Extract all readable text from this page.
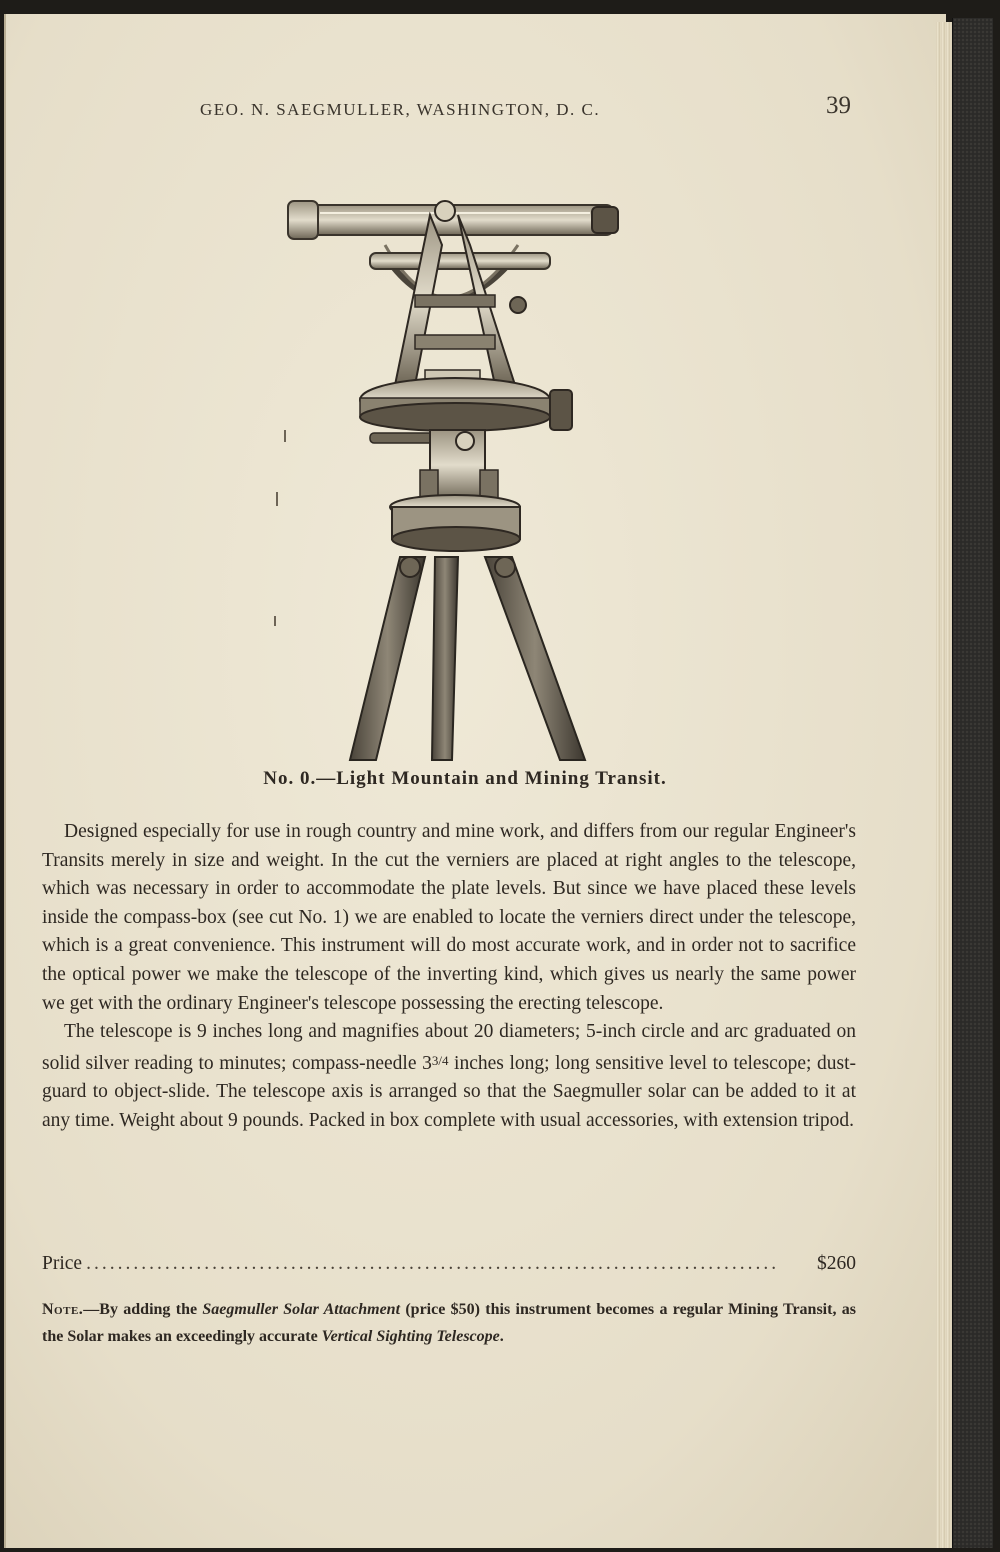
GEO. N. SAEGMULLER, WASHINGTON, D. C.	39
No. 0.—Light Mountain and Mining Transit.

Designed especially for use in rough country and mine work, and differs from our regular Engineer's Transits merely in size and weight. In the cut the verniers are placed at right angles to the telescope, which was necessary in order to accommodate the plate levels. But since we have placed these levels inside the compass-box (see cut No. 1) we are enabled to locate the verniers direct under the telescope, which is a great convenience. This instrument will do most accurate work, and in order not to sacrifice the optical power we make the telescope of the inverting kind, which gives us nearly the same power we get with the ordinary Engineer's telescope possessing the erecting telescope.

The telescope is 9 inches long and magnifies about 20 diameters; 5-inch circle and arc graduated on solid silver reading to minutes; compass-needle $3^{3/4}$ inches long; long sensitive level to telescope; dust-guard to object-slide. The telescope axis is arranged so that the Saegmuller solar can be added to it at any time. Weight about 9 pounds. Packed in box complete with usual accessories, with extension tripod.

Price ........................................................................................	$260

Note.—By adding the Saegmuller Solar Attachment (price $50) this instrument becomes a regular Mining Transit, as the Solar makes an exceedingly accurate Vertical Sighting Telescope.
